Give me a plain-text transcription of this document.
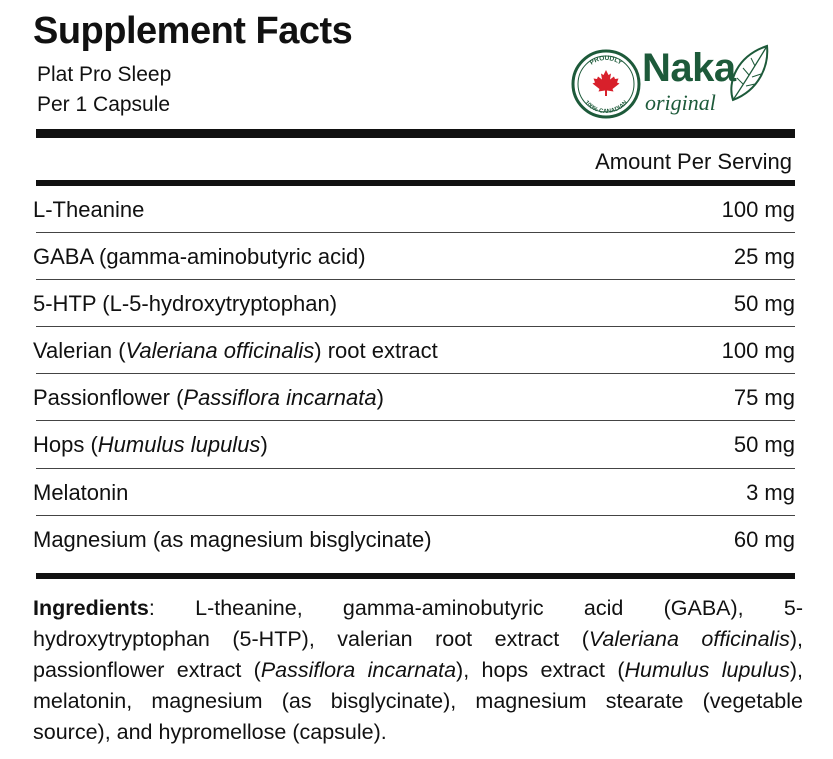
Supplement Facts

Plat Pro Sleep

Per 1 Capsule

PROUDLY
100% CANADIAN
Naka
original
Amount Per Serving
L-Theanine	100 mg
GABA (gamma-aminobutyric acid)	25 mg
5-HTP (L-5-hydroxytryptophan)	50 mg
Valerian (Valeriana officinalis) root extract	100 mg
Passionflower (Passiflora incarnata)	75 mg
Hops (Humulus lupulus)	50 mg
Melatonin	3 mg
Magnesium (as magnesium bisglycinate)	60 mg

Ingredients: L-theanine, gamma-aminobutyric acid (GABA), 5-hydroxytryptophan (5-HTP), valerian root extract (Valeriana officinalis), passionflower extract (Passiflora incarnata), hops extract (Humulus lupulus), melatonin, magnesium (as bisglycinate), magnesium stearate (vegetable source), and hypromellose (capsule).
